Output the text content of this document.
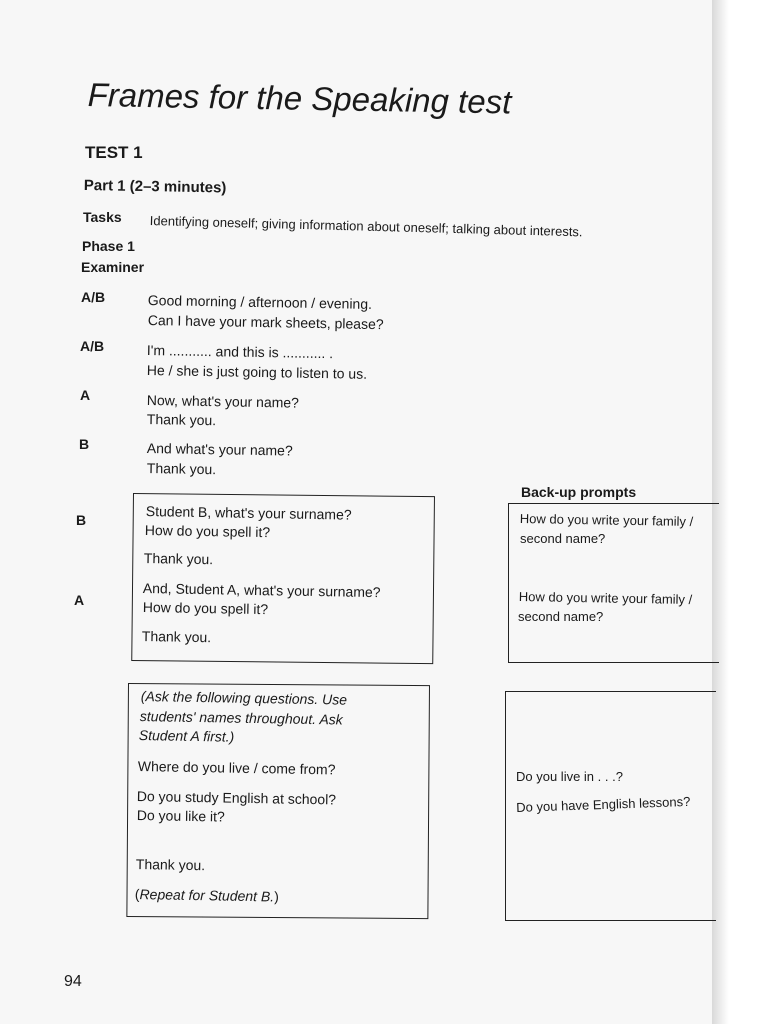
Frames for the Speaking test
TEST 1
Part 1 (2–3 minutes)
Tasks Identifying oneself; giving information about oneself; talking about interests.
Phase 1
Examiner
A/B	Good morning / afternoon / evening.
Can I have your mark sheets, please?
A/B	I'm ........... and this is ........... .
He / she is just going to listen to us.
A	Now, what's your name?
Thank you.
B	And what's your name?
Thank you.
B	Student B, what's your surname?
How do you spell it?
Thank you.
A	And, Student A, what's your surname?
How do you spell it?
Thank you.
(Ask the following questions. Use
students' names throughout. Ask
Student A first.)
Where do you live / come from?
Do you study English at school?
Do you like it?
Thank you.
(Repeat for Student B.)
Back-up prompts
How do you write your family /
second name?
How do you write your family /
second name?
Do you live in . . .?
Do you have English lessons?
94
